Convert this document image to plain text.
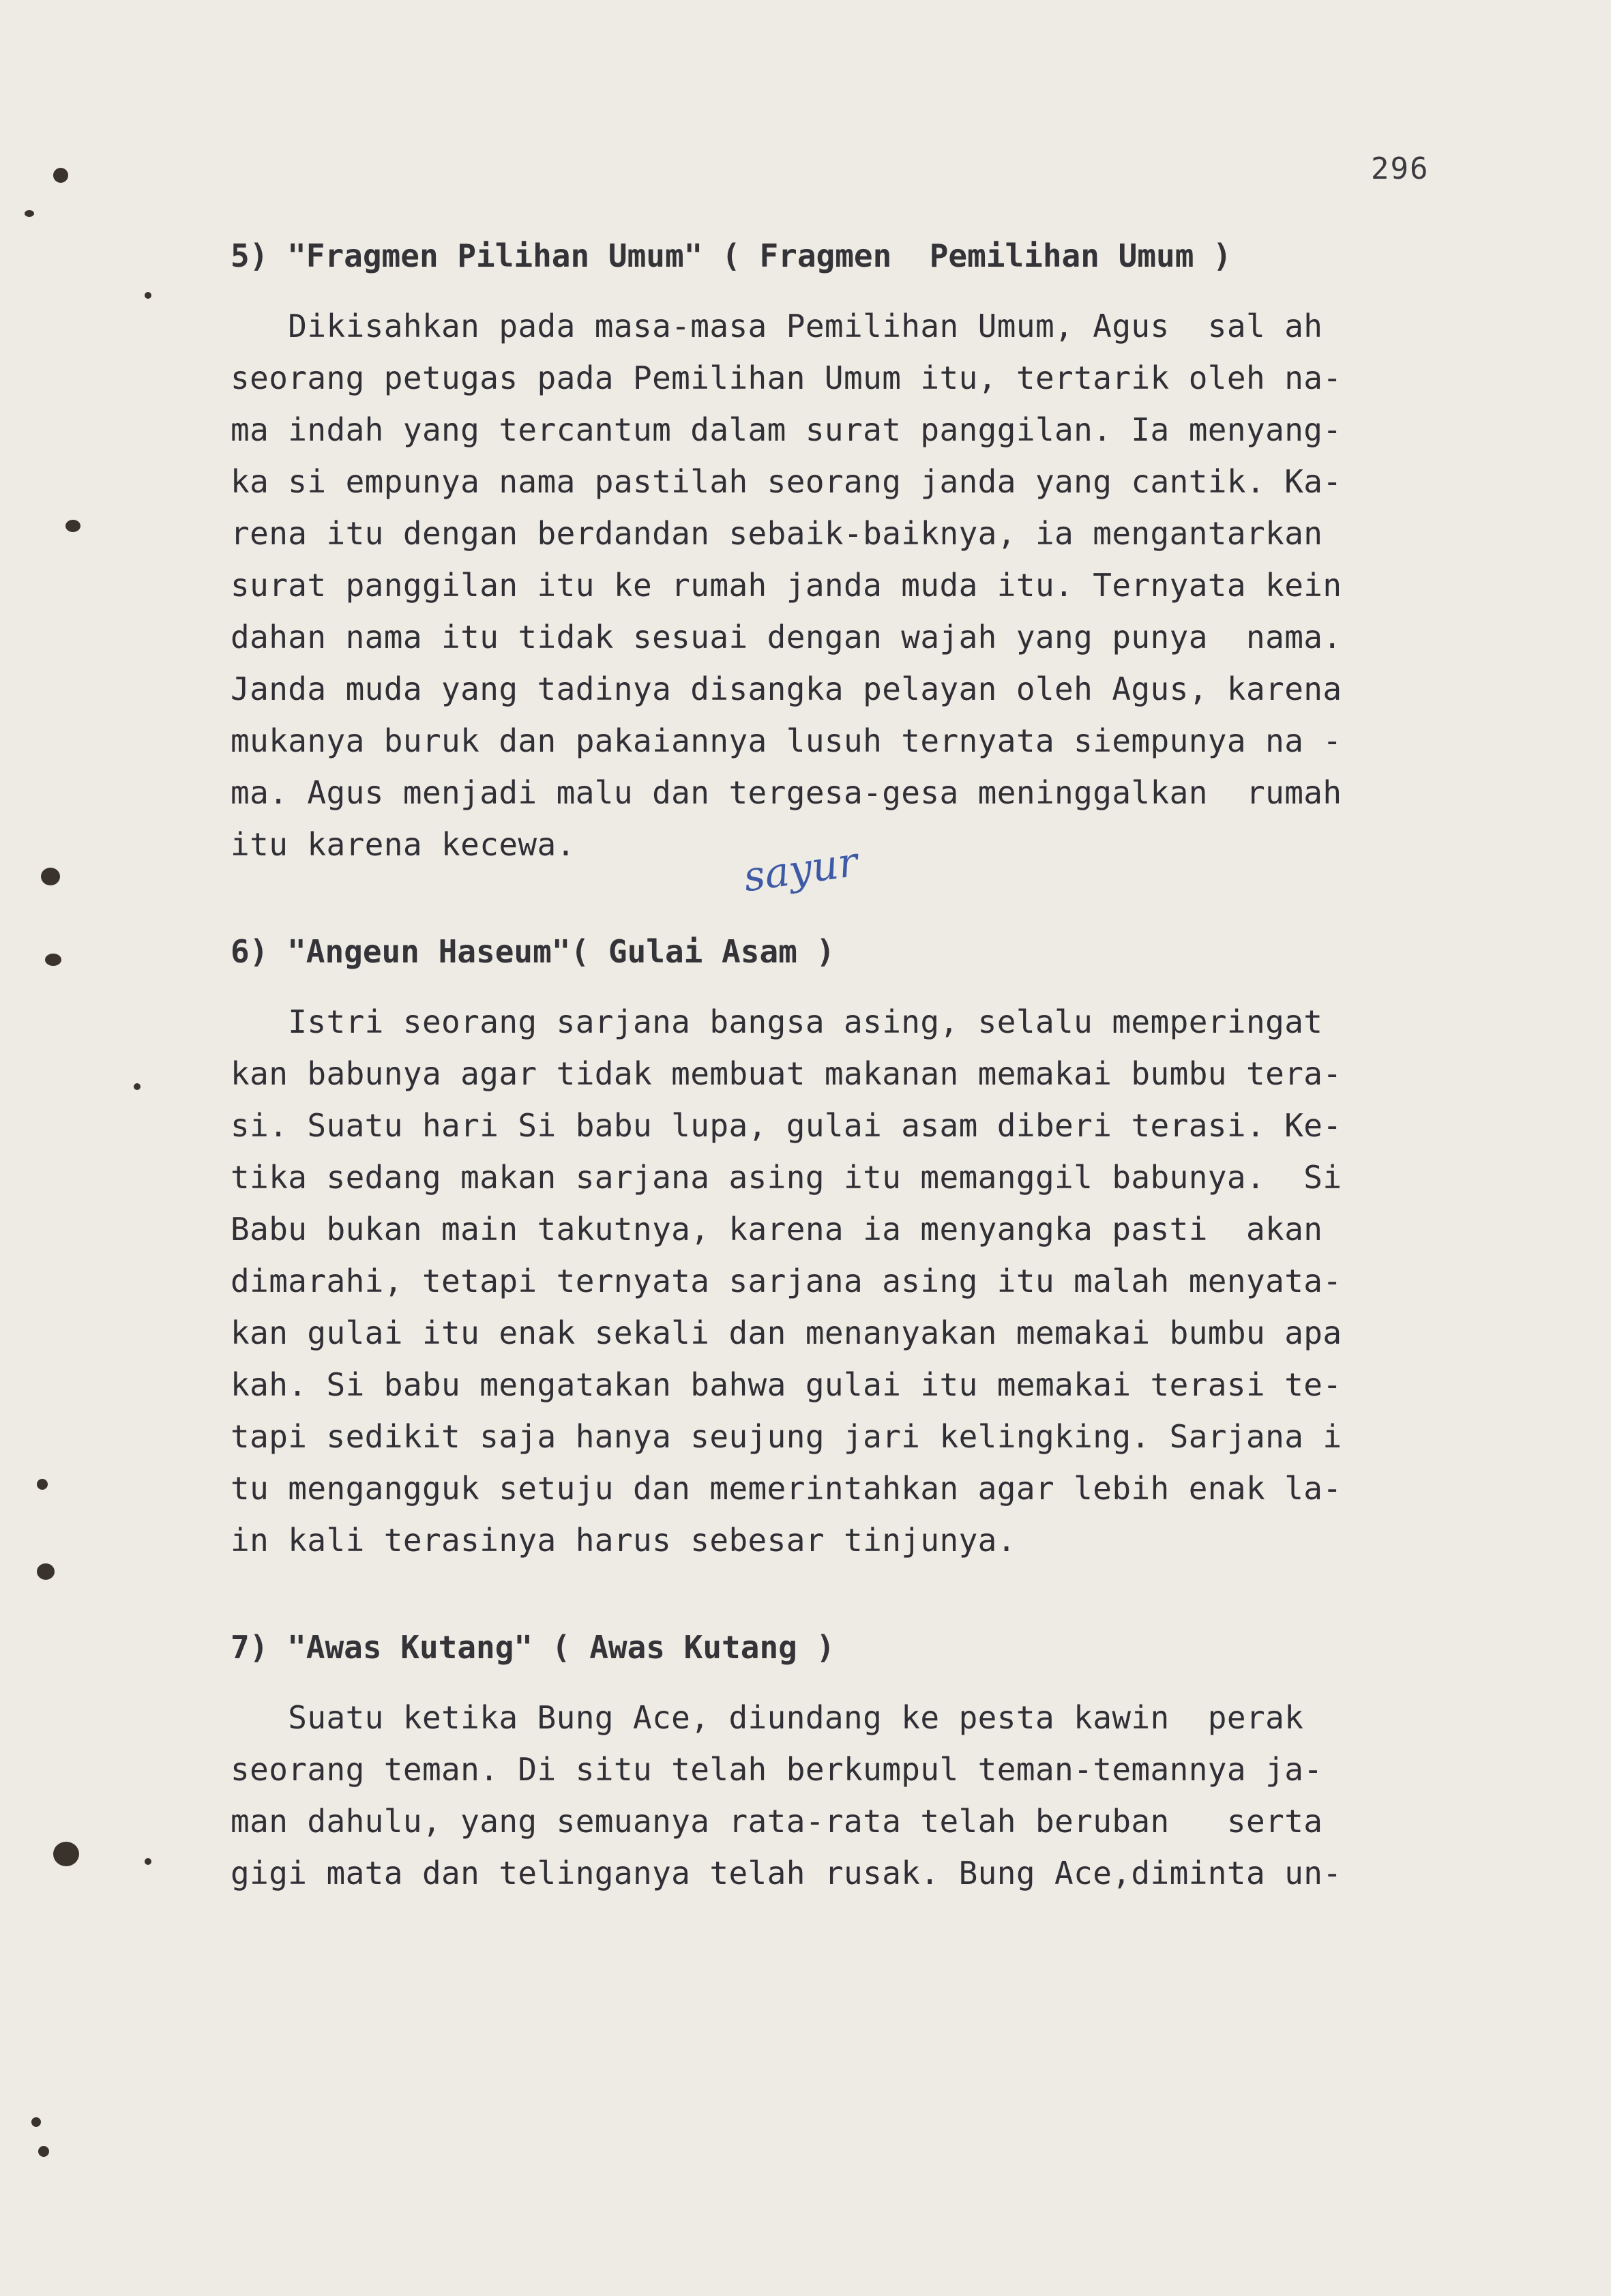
296
5) "Fragmen Pilihan Umum" ( Fragmen  Pemilihan Umum )

Dikisahkan pada masa-masa Pemilihan Umum, Agus  sal ah
seorang petugas pada Pemilihan Umum itu, tertarik oleh na-
ma indah yang tercantum dalam surat panggilan. Ia menyang-
ka si empunya nama pastilah seorang janda yang cantik. Ka-
rena itu dengan berdandan sebaik-baiknya, ia mengantarkan
surat panggilan itu ke rumah janda muda itu. Ternyata kein
dahan nama itu tidak sesuai dengan wajah yang punya  nama.
Janda muda yang tadinya disangka pelayan oleh Agus, karena
mukanya buruk dan pakaiannya lusuh ternyata siempunya na -
ma. Agus menjadi malu dan tergesa-gesa meninggalkan  rumah
itu karena kecewa.	sayur
6) "Angeun Haseum"( Gulai Asam )

Istri seorang sarjana bangsa asing, selalu memperingat
kan babunya agar tidak membuat makanan memakai bumbu tera-
si. Suatu hari Si babu lupa, gulai asam diberi terasi. Ke-
tika sedang makan sarjana asing itu memanggil babunya.  Si
Babu bukan main takutnya, karena ia menyangka pasti  akan
dimarahi, tetapi ternyata sarjana asing itu malah menyata-
kan gulai itu enak sekali dan menanyakan memakai bumbu apa
kah. Si babu mengatakan bahwa gulai itu memakai terasi te-
tapi sedikit saja hanya seujung jari kelingking. Sarjana i
tu mengangguk setuju dan memerintahkan agar lebih enak la-
in kali terasinya harus sebesar tinjunya.

7) "Awas Kutang" ( Awas Kutang )

Suatu ketika Bung Ace, diundang ke pesta kawin  perak
seorang teman. Di situ telah berkumpul teman-temannya ja-
man dahulu, yang semuanya rata-rata telah beruban   serta
gigi mata dan telinganya telah rusak. Bung Ace,diminta un-
